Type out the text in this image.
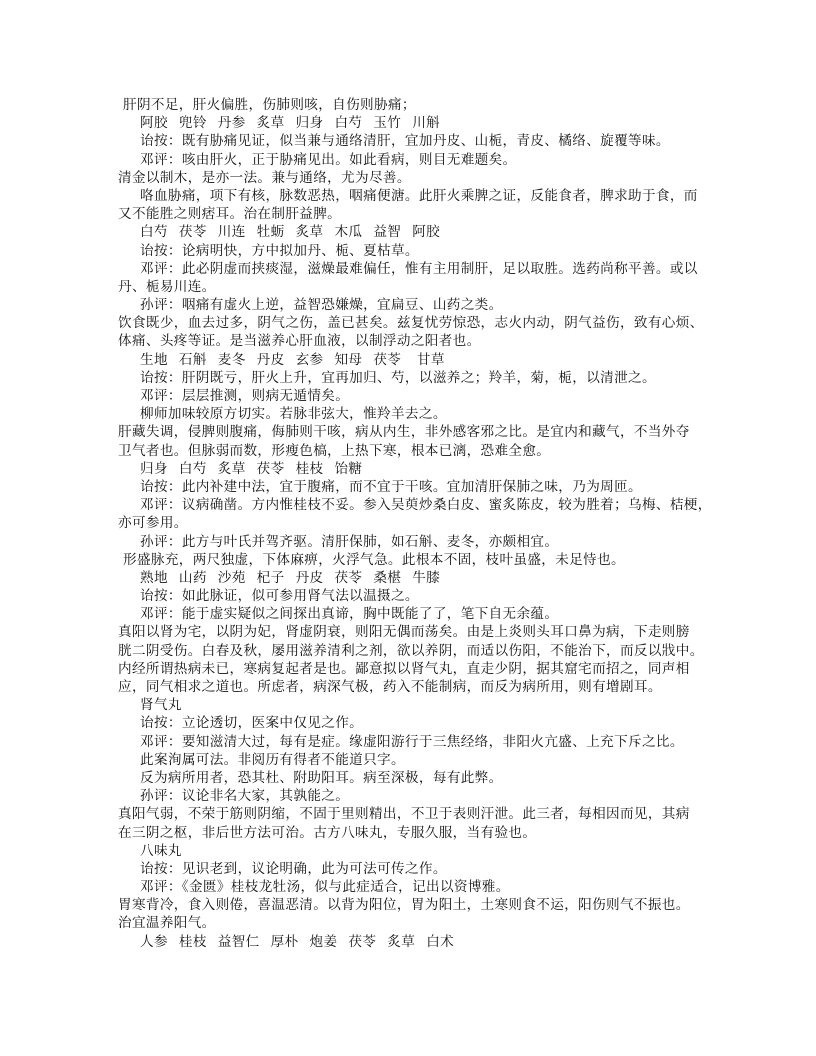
肝阴不足，肝火偏胜，伤肺则咳，自伤则胁痛；
阿胶 兜铃 丹参 炙草 归身 白芍 玉竹 川斛
诒按：既有胁痛见证，似当兼与通络清肝，宜加丹皮、山栀，青皮、橘络、旋覆等味。
邓评：咳由肝火，正于胁痛见出。如此看病，则目无难题矣。
清金以制木，是亦一法。兼与通络，尤为尽善。
咯血胁痛，项下有核，脉数恶热，咽痛便溏。此肝火乘脾之证，反能食者，脾求助于食，而
又不能胜之则痞耳。治在制肝益脾。
白芍 茯苓 川连 牡蛎 炙草 木瓜 益智 阿胶
诒按：论病明快，方中拟加丹、栀、夏枯草。
邓评：此必阴虚而挟痰湿，滋燥最难偏任，惟有主用制肝，足以取胜。选药尚称平善。或以
丹、栀易川连。
孙评：咽痛有虚火上逆，益智恐嫌燥，宜扁豆、山药之类。
饮食既少，血去过多，阴气之伤，盖已甚矣。兹复忧劳惊恐，志火内动，阴气益伤，致有心烦、
体痛、头疼等证。是当滋养心肝血液，以制浮动之阳者也。
生地 石斛 麦冬 丹皮 玄参 知母 茯苓 甘草
诒按：肝阴既亏，肝火上升，宜再加归、芍，以滋养之；羚羊，菊，栀，以清泄之。
邓评：层层推测，则病无遁情矣。
柳师加味较原方切实。若脉非弦大，惟羚羊去之。
肝藏失调，侵脾则腹痛，侮肺则干咳，病从内生，非外感客邪之比。是宜内和藏气，不当外夺
卫气者也。但脉弱而数，形瘦色槁，上热下寒，根本已漓，恐难全愈。
归身 白芍 炙草 茯苓 桂枝 饴糖
诒按：此内补建中法，宜于腹痛，而不宜于干咳。宜加清肝保肺之味，乃为周匝。
邓评：议病确凿。方内惟桂枝不妥。参入吴萸炒桑白皮、蜜炙陈皮，较为胜着；乌梅、桔梗，
亦可参用。
孙评：此方与叶氏并驾齐驱。清肝保肺，如石斛、麦冬，亦颇相宜。
形盛脉充，两尺独虚，下体麻痹，火浮气急。此根本不固，枝叶虽盛，未足恃也。
熟地 山药 沙苑 杞子 丹皮 茯苓 桑椹 牛膝
诒按：如此脉证，似可参用肾气法以温摄之。
邓评：能于虚实疑似之间探出真谛，胸中既能了了，笔下自无余蕴。
真阳以肾为宅，以阴为妃，肾虚阴衰，则阳无偶而荡矣。由是上炎则头耳口鼻为病，下走则膀
胱二阴受伤。白春及秋，屡用滋养清利之剂，欲以养阴，而适以伤阳，不能治下，而反以戕中。
内经所谓热病未已，寒病复起者是也。鄙意拟以肾气丸，直走少阴，据其窟宅而招之，同声相
应，同气相求之道也。所虑者，病深气极，药入不能制病，而反为病所用，则有增剧耳。
肾气丸
诒按：立论透切，医案中仅见之作。
邓评：要知滋清大过，每有是症。缘虚阳游行于三焦经络，非阳火亢盛、上充下斥之比。
此案洵属可法。非阅历有得者不能道只字。
反为病所用者，恐其杜、附助阳耳。病至深极，每有此弊。
孙评：议论非名大家，其孰能之。
真阳气弱，不荣于筋则阴缩，不固于里则精出，不卫于表则汗泄。此三者，每相因而见，其病
在三阴之枢，非后世方法可治。古方八味丸，专服久服，当有验也。
八味丸
诒按：见识老到，议论明确，此为可法可传之作。
邓评：《金匮》桂枝龙牡汤，似与此症适合，记出以资博雅。
胃寒背冷，食入则倦，喜温恶清。以背为阳位，胃为阳土，土寒则食不运，阳伤则气不振也。
治宜温养阳气。
人参 桂枝 益智仁 厚朴 炮姜 茯苓 炙草 白术
